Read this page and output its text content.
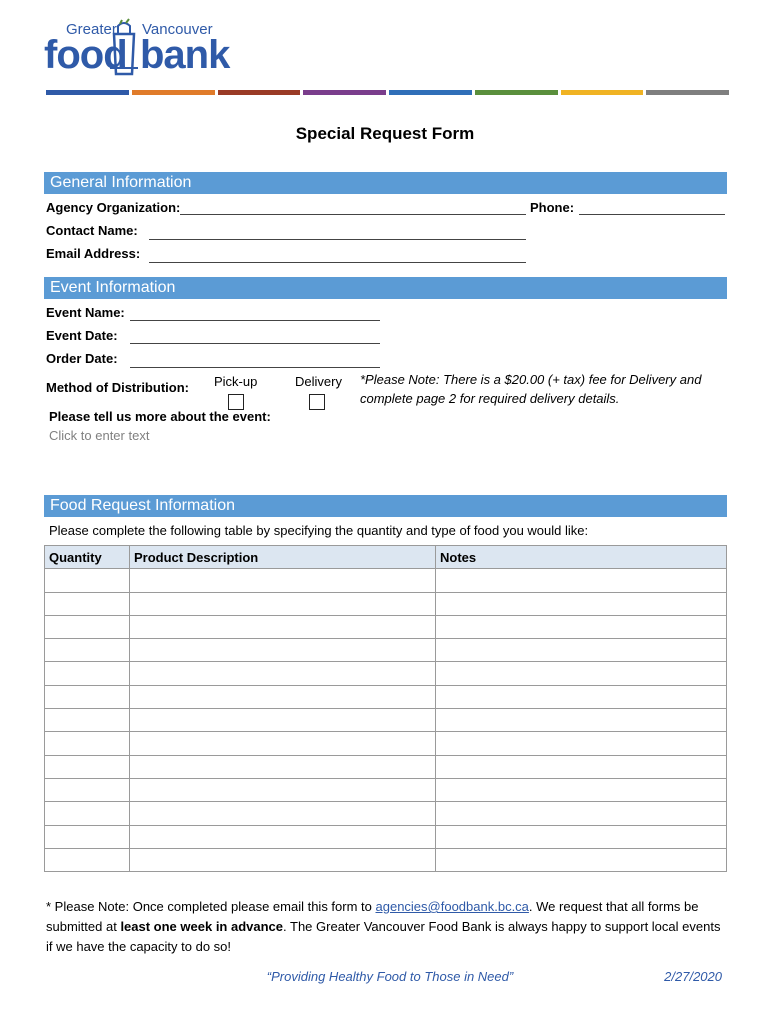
Greater Vancouver
food bank
Special Request Form
General Information
Agency Organization:	Phone:
Contact Name:
Email Address:
Event Information
Event Name:
Event Date:
Order Date:
Method of Distribution: Pick-up	Delivery *Please Note: There is a $20.00 (+ tax) fee for Delivery and complete page 2 for required delivery details.
Please tell us more about the event:
Click to enter text
Food Request Information
Please complete the following table by specifying the quantity and type of food you would like:
Quantity	Product Description	Notes

* Please Note: Once completed please email this form to agencies@foodbank.bc.ca. We request that all forms be submitted at least one week in advance. The Greater Vancouver Food Bank is always happy to support local events if we have the capacity to do so!
“Providing Healthy Food to Those in Need”	2/27/2020
